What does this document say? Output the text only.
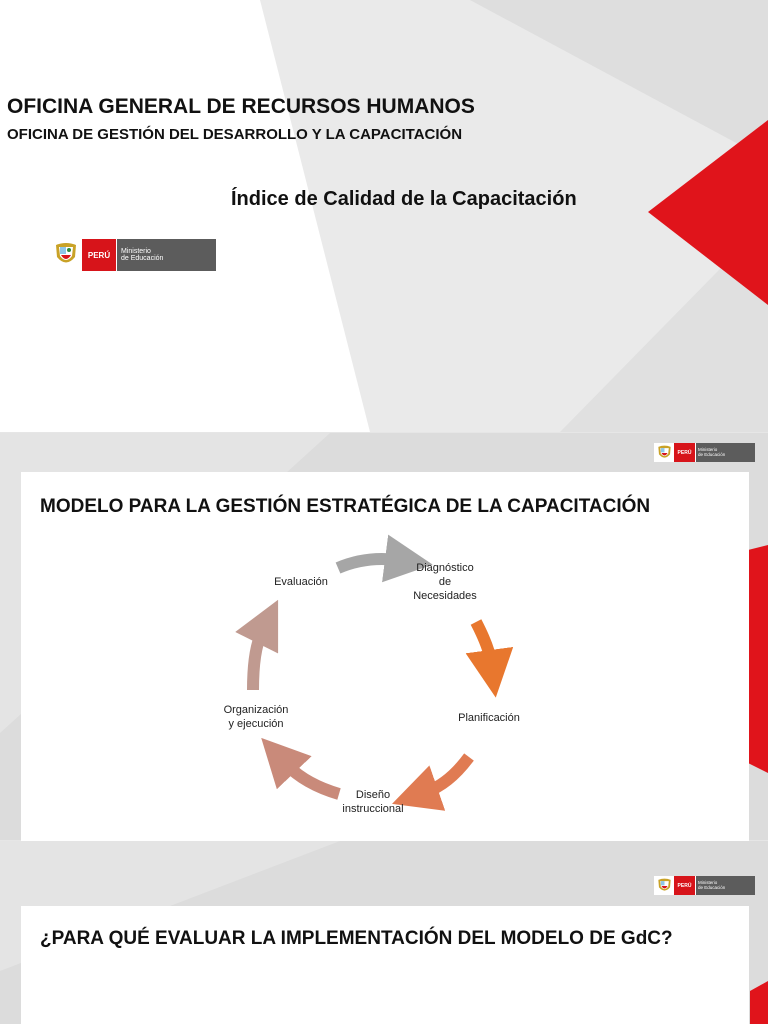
OFICINA GENERAL DE RECURSOS HUMANOS
OFICINA DE GESTIÓN DEL DESARROLLO Y LA CAPACITACIÓN
Índice de Calidad de la Capacitación
PERÚ	Ministerio
de Educación
PERÚ
Ministerio
de Educación
MODELO PARA LA GESTIÓN ESTRATÉGICA DE LA CAPACITACIÓN
Diagnóstico
de
Necesidades
Planificación
Diseño
instruccional
Organización
y ejecución
Evaluación
PERÚ
Ministerio
de Educación
¿PARA QUÉ EVALUAR LA IMPLEMENTACIÓN DEL MODELO DE GdC?
